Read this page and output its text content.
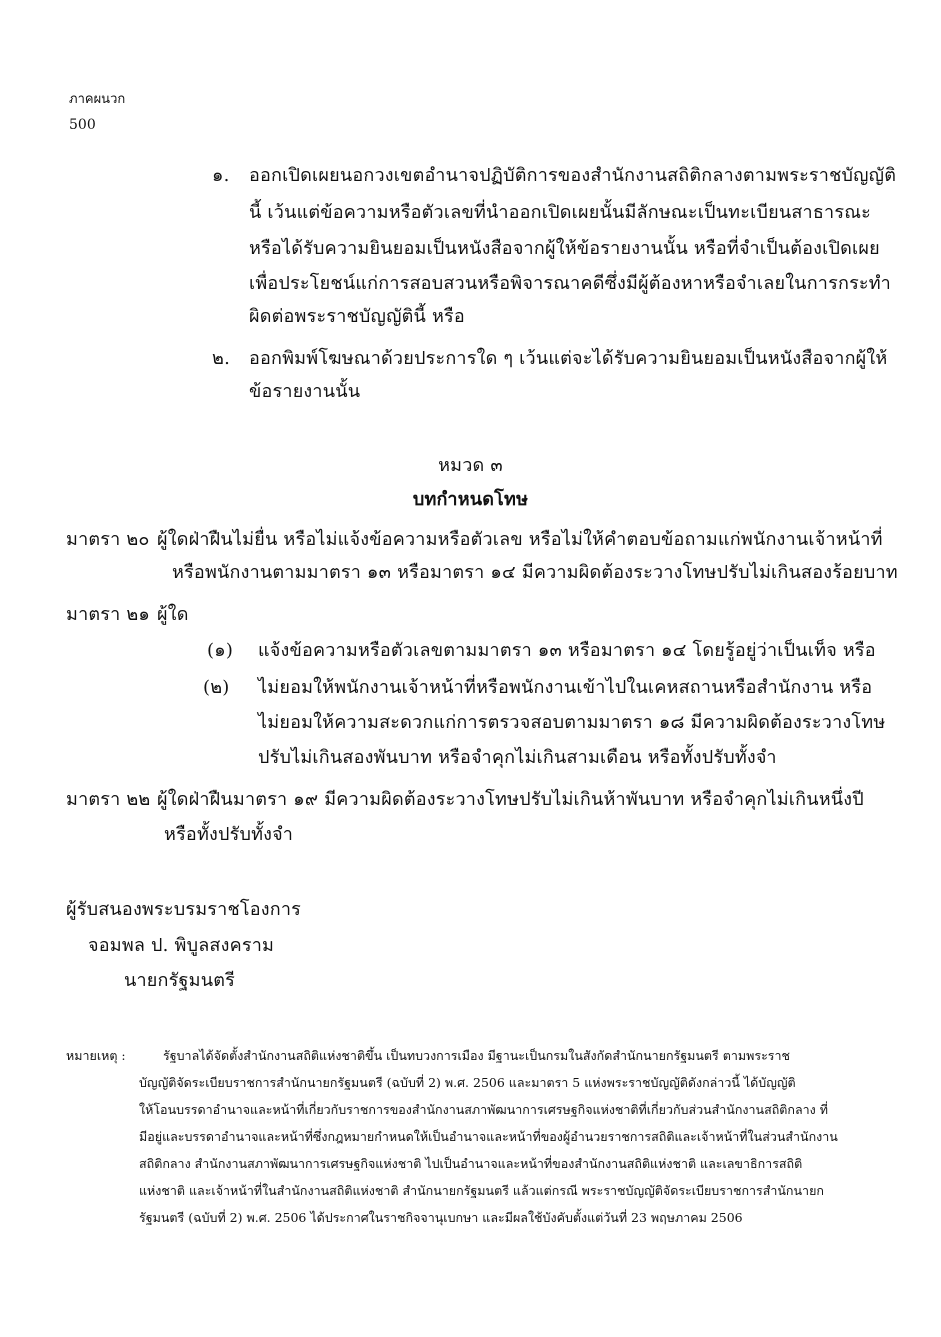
ภาคผนวก
500
๑. ออกเปิดเผยนอกวงเขตอำนาจปฏิบัติการของสำนักงานสถิติกลางตามพระราชบัญญัติ
นี้ เว้นแต่ข้อความหรือตัวเลขที่นำออกเปิดเผยนั้นมีลักษณะเป็นทะเบียนสาธารณะ
หรือได้รับความยินยอมเป็นหนังสือจากผู้ให้ข้อรายงานนั้น หรือที่จำเป็นต้องเปิดเผย
เพื่อประโยชน์แก่การสอบสวนหรือพิจารณาคดีซึ่งมีผู้ต้องหาหรือจำเลยในการกระทำ
ผิดต่อพระราชบัญญัตินี้ หรือ
๒. ออกพิมพ์โฆษณาด้วยประการใด ๆ เว้นแต่จะได้รับความยินยอมเป็นหนังสือจากผู้ให้
ข้อรายงานนั้น
หมวด ๓
บทกำหนดโทษ
มาตรา ๒๐ ผู้ใดฝ่าฝืนไม่ยื่น หรือไม่แจ้งข้อความหรือตัวเลข หรือไม่ให้คำตอบข้อถามแก่พนักงานเจ้าหน้าที่
หรือพนักงานตามมาตรา ๑๓ หรือมาตรา ๑๔ มีความผิดต้องระวางโทษปรับไม่เกินสองร้อยบาท
มาตรา ๒๑ ผู้ใด
(๑) แจ้งข้อความหรือตัวเลขตามมาตรา ๑๓ หรือมาตรา ๑๔ โดยรู้อยู่ว่าเป็นเท็จ หรือ
(๒) ไม่ยอมให้พนักงานเจ้าหน้าที่หรือพนักงานเข้าไปในเคหสถานหรือสำนักงาน หรือ
ไม่ยอมให้ความสะดวกแก่การตรวจสอบตามมาตรา ๑๘ มีความผิดต้องระวางโทษ
ปรับไม่เกินสองพันบาท หรือจำคุกไม่เกินสามเดือน หรือทั้งปรับทั้งจำ
มาตรา ๒๒ ผู้ใดฝ่าฝืนมาตรา ๑๙ มีความผิดต้องระวางโทษปรับไม่เกินห้าพันบาท หรือจำคุกไม่เกินหนึ่งปี
หรือทั้งปรับทั้งจำ
ผู้รับสนองพระบรมราชโองการ
จอมพล ป. พิบูลสงคราม
นายกรัฐมนตรี
หมายเหตุ :	รัฐบาลได้จัดตั้งสำนักงานสถิติแห่งชาติขึ้น เป็นทบวงการเมือง มีฐานะเป็นกรมในสังกัดสำนักนายกรัฐมนตรี ตามพระราช
บัญญัติจัดระเบียบราชการสำนักนายกรัฐมนตรี (ฉบับที่ 2) พ.ศ. 2506 และมาตรา 5 แห่งพระราชบัญญัติดังกล่าวนี้ ได้บัญญัติ
ให้โอนบรรดาอำนาจและหน้าที่เกี่ยวกับราชการของสำนักงานสภาพัฒนาการเศรษฐกิจแห่งชาติที่เกี่ยวกับส่วนสำนักงานสถิติกลาง ที่
มีอยู่และบรรดาอำนาจและหน้าที่ซึ่งกฎหมายกำหนดให้เป็นอำนาจและหน้าที่ของผู้อำนวยราชการสถิติและเจ้าหน้าที่ในส่วนสำนักงาน
สถิติกลาง สำนักงานสภาพัฒนาการเศรษฐกิจแห่งชาติ ไปเป็นอำนาจและหน้าที่ของสำนักงานสถิติแห่งชาติ และเลขาธิการสถิติ
แห่งชาติ และเจ้าหน้าที่ในสำนักงานสถิติแห่งชาติ สำนักนายกรัฐมนตรี แล้วแต่กรณี พระราชบัญญัติจัดระเบียบราชการสำนักนายก
รัฐมนตรี (ฉบับที่ 2) พ.ศ. 2506 ได้ประกาศในราชกิจจานุเบกษา และมีผลใช้บังคับตั้งแต่วันที่ 23 พฤษภาคม 2506
